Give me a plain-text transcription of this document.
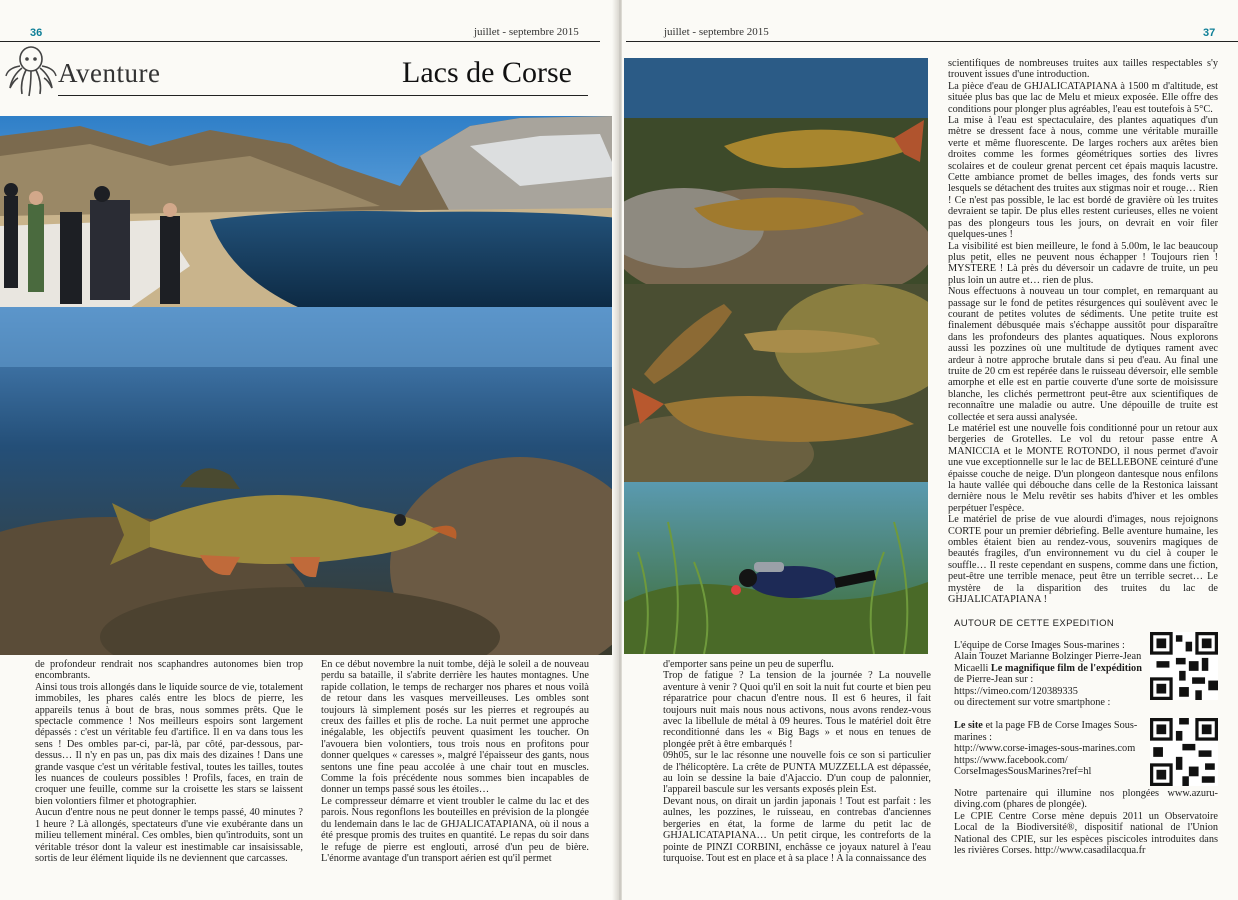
36	juillet - septembre 2015
Aventure	Lacs de Corse

de profondeur rendrait nos scaphandres autonomes bien trop encombrants.

Ainsi tous trois allongés dans le liquide source de vie, totalement immobiles, les phares calés entre les blocs de pierre, les appareils tenus à bout de bras, nous sommes prêts. Que le spectacle commence ! Nos meilleurs espoirs sont largement dépassés : c'est un véritable feu d'artifice. Il en va dans tous les sens ! Des ombles par-ci, par-là, par côté, par-dessous, par-dessus… Il n'y en pas un, pas dix mais des dizaines ! Dans une grande vasque c'est un véritable festival, toutes les tailles, toutes les nuances de couleurs possibles ! Profils, faces, en train de croquer une feuille, comme sur la croisette les stars se laissent bien volontiers filmer et photographier.

Aucun d'entre nous ne peut donner le temps passé, 40 minutes ? 1 heure ? Là allongés, spectateurs d'une vie exubérante dans un milieu tellement minéral. Ces ombles, bien qu'introduits, sont un véritable trésor dont la valeur est inestimable car insaisissable, sortis de leur élément liquide ils ne deviennent que carcasses.

En ce début novembre la nuit tombe, déjà le soleil a de nouveau perdu sa bataille, il s'abrite derrière les hautes montagnes. Une rapide collation, le temps de recharger nos phares et nous voilà de retour dans les vasques merveilleuses. Les ombles sont toujours là simplement posés sur les pierres et regroupés au creux des failles et plis de roche. La nuit permet une approche inégalable, les objectifs peuvent quasiment les toucher. On l'avouera bien volontiers, tous trois nous en profitons pour donner quelques « caresses », malgré l'épaisseur des gants, nous sentons une fine peau accolée à une chair tout en muscles. Comme la fois précédente nous sommes bien incapables de donner un temps passé sous les étoiles…

Le compresseur démarre et vient troubler le calme du lac et des parois. Nous regonflons les bouteilles en prévision de la plongée du lendemain dans le lac de GHJALICATAPIANA, où il nous a été presque promis des truites en quantité. Le repas du soir dans le refuge de pierre est englouti, arrosé d'un peu de bière. L'énorme avantage d'un transport aérien est qu'il permet

juillet - septembre 2015	37

d'emporter sans peine un peu de superflu.

Trop de fatigue ? La tension de la journée ? La nouvelle aventure à venir ? Quoi qu'il en soit la nuit fut courte et bien peu réparatrice pour chacun d'entre nous. Il est 6 heures, il fait toujours nuit mais nous nous activons, nous avons rendez-vous avec la libellule de métal à 09 heures. Tous le matériel doit être reconditionné dans les « Big Bags » et nous en tenues de plongée prêt à être embarqués !

09h05, sur le lac résonne une nouvelle fois ce son si particulier de l'hélicoptère. La crête de PUNTA MUZZELLA est dépassée, au loin se dessine la baie d'Ajaccio. D'un coup de palonnier, l'appareil bascule sur les versants exposés plein Est.

Devant nous, on dirait un jardin japonais ! Tout est parfait : les aulnes, les pozzines, le ruisseau, en contrebas d'anciennes bergeries en état, la forme de larme du petit lac de GHJALICATAPIANA… Un petit cirque, les contreforts de la pointe de PINZI CORBINI, enchâsse ce joyaux naturel à l'eau turquoise. Tout est en place et à sa place ! A la connaissance des

scientifiques de nombreuses truites aux tailles respectables s'y trouvent issues d'une introduction.

La pièce d'eau de GHJALICATAPIANA à 1500 m d'altitude, est située plus bas que lac de Melu et mieux exposée. Elle offre des conditions pour plonger plus agréables, l'eau est toutefois à 5°C.

La mise à l'eau est spectaculaire, des plantes aquatiques d'un mètre se dressent face à nous, comme une véritable muraille verte et même fluorescente. De larges rochers aux arêtes bien droites comme les formes géométriques sorties des livres scolaires et de couleur grenat percent cet épais maquis lacustre. Cette ambiance promet de belles images, des fonds verts sur lesquels se détachent des truites aux stigmas noir et rouge… Rien ! Ce n'est pas possible, le lac est bordé de gravière où les truites devraient se tapir. De plus elles restent curieuses, elles ne voient pas des plongeurs tous les jours, on devrait en voir filer quelques-unes !

La visibilité est bien meilleure, le fond à 5.00m, le lac beaucoup plus petit, elles ne peuvent nous échapper ! Toujours rien ! MYSTERE ! Là près du déversoir un cadavre de truite, un peu plus loin un autre et… rien de plus.

Nous effectuons à nouveau un tour complet, en remarquant au passage sur le fond de petites résurgences qui soulèvent avec le courant de petites volutes de sédiments. Une petite truite est finalement débusquée mais s'échappe aussitôt pour disparaître dans les profondeurs des plantes aquatiques. Nous explorons aussi les pozzines où une multitude de dytiques rament avec ardeur à notre approche brutale dans si peu d'eau. Au final une truite de 20 cm est repérée dans le ruisseau déversoir, elle semble amorphe et elle est en partie couverte d'une sorte de moisissure blanche, les clichés permettront peut-être aux scientifiques de reconnaître une maladie ou autre. Une dépouille de truite est collectée et sera aussi analysée.

Le matériel est une nouvelle fois conditionné pour un retour aux bergeries de Grotelles. Le vol du retour passe entre A MANICCIA et le MONTE ROTONDO, il nous permet d'avoir une vue exceptionnelle sur le lac de BELLEBONE ceinturé d'une épaisse couche de neige. D'un plongeon dantesque nous enfilons la haute vallée qui débouche dans celle de la Restonica laissant dernière nous le Melu revêtir ses habits d'hiver et les ombles perpétuer l'espèce.

Le matériel de prise de vue alourdi d'images, nous rejoignons CORTE pour un premier débriefing. Belle aventure humaine, les ombles étaient bien au rendez-vous, souvenirs magiques de beautés fragiles, d'un environnement vu du ciel à couper le souffle… Il reste cependant en suspens, comme dans une fiction, peut-être une terrible menace, peut être un terrible secret… Le mystère de la disparition des truites du lac de GHJALICATAPIANA !

AUTOUR DE CETTE EXPEDITION

L'équipe de Corse Images Sous-marines :
Alain Touzet Marianne Bolzinger Pierre-Jean Micaelli Le magnifique film de l'expédition de Pierre-Jean sur :
https://vimeo.com/120389335
ou directement sur votre smartphone :

Le site et la page FB de Corse Images Sous-marines :
http://www.corse-images-sous-marines.com
https://www.facebook.com/
CorseImagesSousMarines?ref=hl

Notre partenaire qui illumine nos plongées www.azuru-diving.com (phares de plongée).

Le CPIE Centre Corse mène depuis 2011 un Observatoire Local de la Biodiversité®, dispositif national de l'Union National des CPIE, sur les espèces piscicoles introduites dans les rivières Corses. http://www.casadilacqua.fr
